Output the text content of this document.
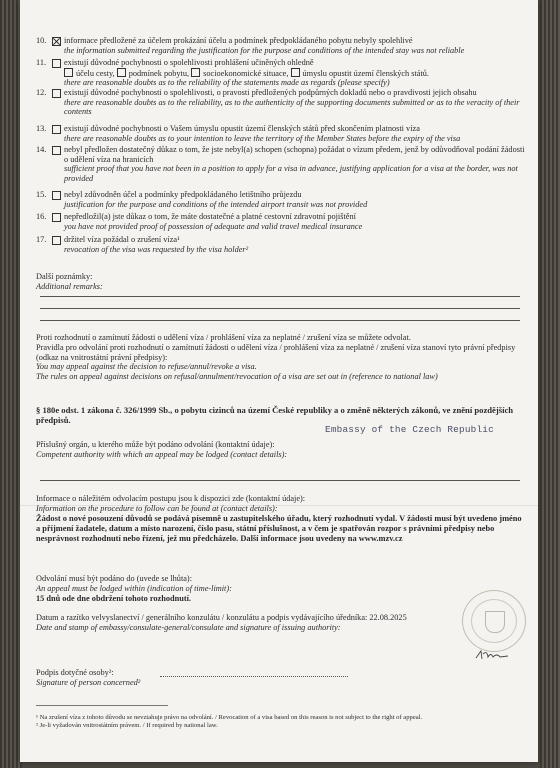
10.	informace předložené za účelem prokázání účelu a podmínek předpokládaného pobytu nebyly spolehlivé
the information submitted regarding the justification for the purpose and conditions of the intended stay was not reliable
11.	existují důvodné pochybnosti o spolehlivosti prohlášení učiněných ohledně
účelu cesty, podmínek pobytu, socioekonomické situace, úmyslu opustit území členských států.
there are reasonable doubts as to the reliability of the statements made as regards (please specify)
12.	existují důvodné pochybnosti o spolehlivosti, o pravosti předložených podpůrných dokladů nebo o pravdivosti jejich obsahu
there are reasonable doubts as to the reliability, as to the authenticity of the supporting documents submitted or as to the veracity of their contents
13.	existují důvodné pochybnosti o Vašem úmyslu opustit území členských států před skončením platnosti víza
there are reasonable doubts as to your intention to leave the territory of the Member States before the expiry of the visa
14.	nebyl předložen dostatečný důkaz o tom, že jste nebyl(a) schopen (schopna) požádat o vízum předem, jenž by odůvodňoval podání žádosti o udělení víza na hranicích
sufficient proof that you have not been in a position to apply for a visa in advance, justifying application for a visa at the border, was not provided
15.	nebyl zdůvodněn účel a podmínky předpokládaného letištního průjezdu
justification for the purpose and conditions of the intended airport transit was not provided
16.	nepředložil(a) jste důkaz o tom, že máte dostatečné a platné cestovní zdravotní pojištění
you have not provided proof of possession of adequate and valid travel medical insurance
17.	držitel víza požádal o zrušení víza¹
revocation of the visa was requested by the visa holder²
Další poznámky:
Additional remarks:
Proti rozhodnutí o zamítnutí žádosti o udělení víza / prohlášení víza za neplatné / zrušení víza se můžete odvolat.
Pravidla pro odvolání proti rozhodnutí o zamítnutí žádosti o udělení víza / prohlášení víza za neplatné / zrušení víza stanoví tyto právní předpisy (odkaz na vnitrostátní právní předpisy):
You may appeal against the decision to refuse/annul/revoke a visa.
The rules on appeal against decisions on refusal/annulment/revocation of a visa are set out in (reference to national law)
§ 180e odst. 1 zákona č. 326/1999 Sb., o pobytu cizinců na území České republiky a o změně některých zákonů, ve znění pozdějších předpisů.
Příslušný orgán, u kterého může být podáno odvolání (kontaktní údaje):
Competent authority with which an appeal may be lodged (contact details):
Embassy of the Czech Republic
Informace o náležitém odvolacím postupu jsou k dispozici zde (kontaktní údaje):
Information on the procedure to follow can be found at (contact details):
Žádost o nové posouzení důvodů se podává písemně u zastupitelského úřadu, který rozhodnutí vydal. V žádosti musí být uvedeno jméno a příjmení žadatele, datum a místo narození, číslo pasu, státní příslušnost, a v čem je spatřován rozpor s právními předpisy nebo nesprávnost rozhodnutí nebo řízení, jež mu předcházelo. Další informace jsou uvedeny na www.mzv.cz
Odvolání musí být podáno do (uvede se lhůta):
An appeal must be lodged within (indication of time-limit):
15 dnů ode dne obdržení tohoto rozhodnutí.
Datum a razítko velvyslanectví / generálního konzulátu / konzulátu a podpis vydávajícího úředníka: 22.08.2025
Date and stamp of embassy/consulate-general/consulate and signature of issuing authority:
Podpis dotyčné osoby²:
Signature of person concerned²
¹ Na zrušení víza z tohoto důvodu se nevztahuje právo na odvolání. / Revocation of a visa based on this reason is not subject to the right of appeal.
² Je-li vyžadován vnitrostátním právem. / If required by national law.
